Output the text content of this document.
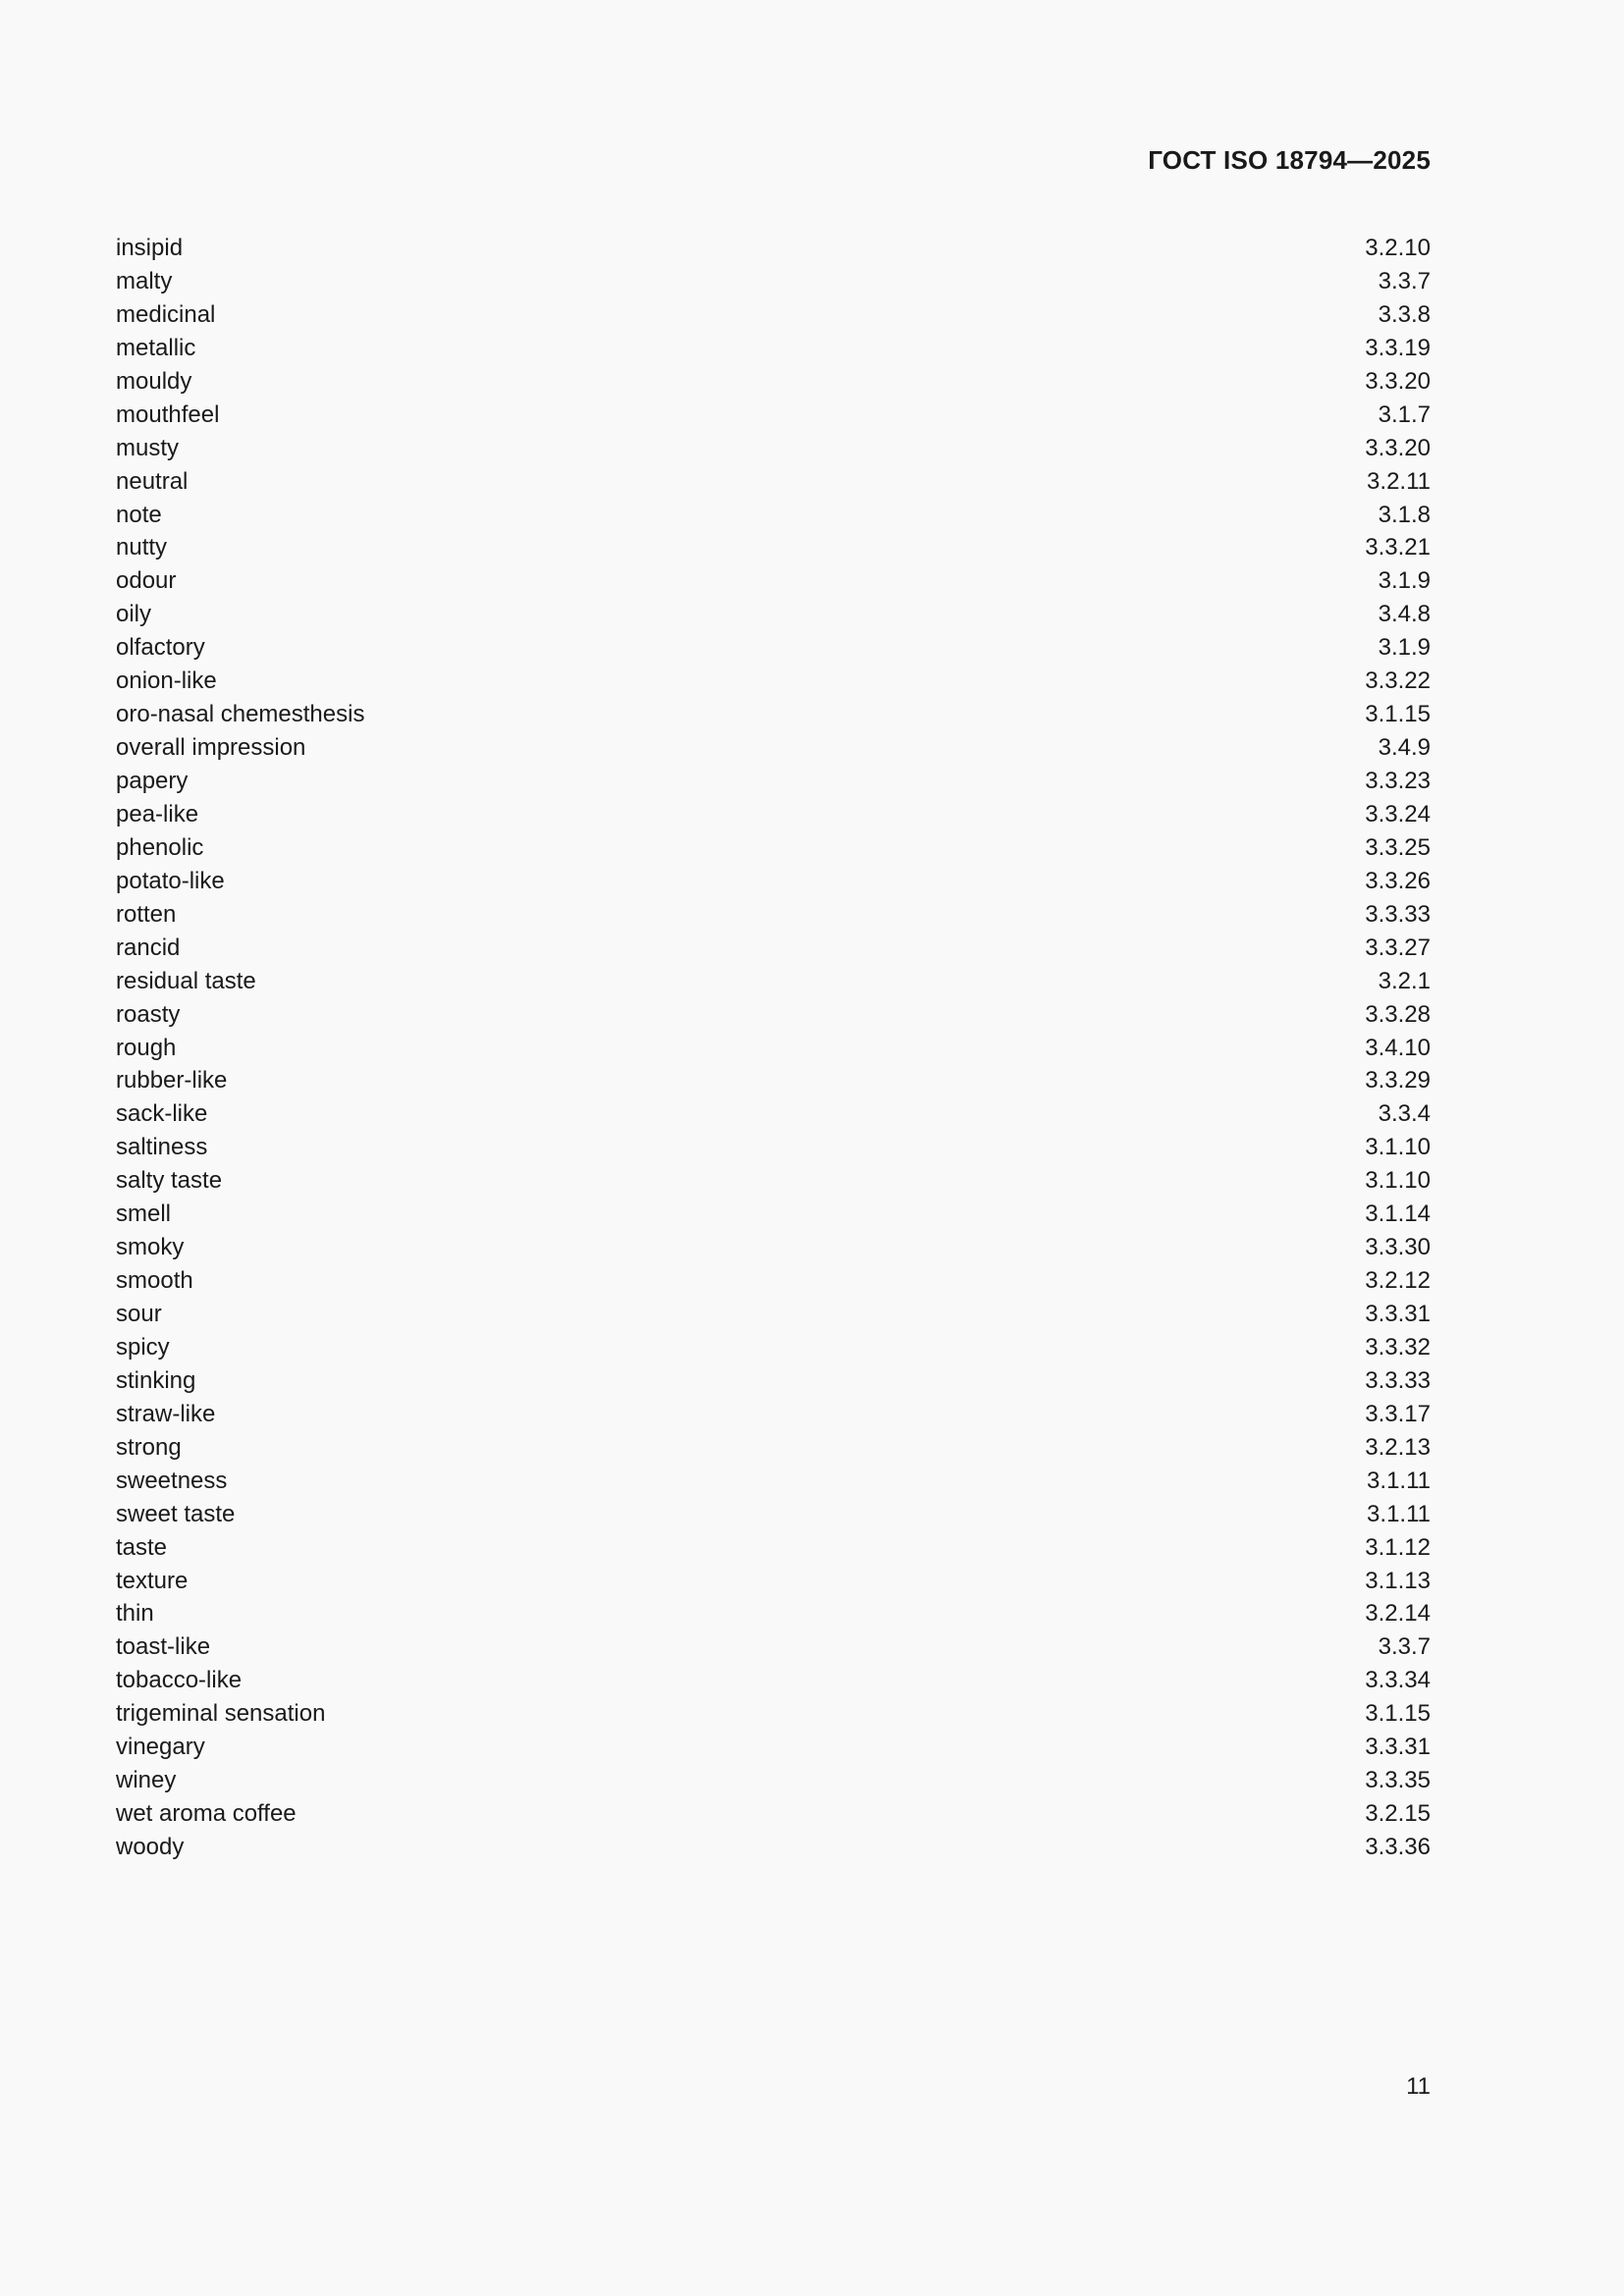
ГОСТ ISO 18794—2025
insipid	3.2.10
malty	3.3.7
medicinal	3.3.8
metallic	3.3.19
mouldy	3.3.20
mouthfeel	3.1.7
musty	3.3.20
neutral	3.2.11
note	3.1.8
nutty	3.3.21
odour	3.1.9
oily	3.4.8
olfactory	3.1.9
onion-like	3.3.22
oro-nasal chemesthesis	3.1.15
overall impression	3.4.9
papery	3.3.23
pea-like	3.3.24
phenolic	3.3.25
potato-like	3.3.26
rotten	3.3.33
rancid	3.3.27
residual taste	3.2.1
roasty	3.3.28
rough	3.4.10
rubber-like	3.3.29
sack-like	3.3.4
saltiness	3.1.10
salty taste	3.1.10
smell	3.1.14
smoky	3.3.30
smooth	3.2.12
sour	3.3.31
spicy	3.3.32
stinking	3.3.33
straw-like	3.3.17
strong	3.2.13
sweetness	3.1.11
sweet taste	3.1.11
taste	3.1.12
texture	3.1.13
thin	3.2.14
toast-like	3.3.7
tobacco-like	3.3.34
trigeminal sensation	3.1.15
vinegary	3.3.31
winey	3.3.35
wet aroma coffee	3.2.15
woody	3.3.36
11
